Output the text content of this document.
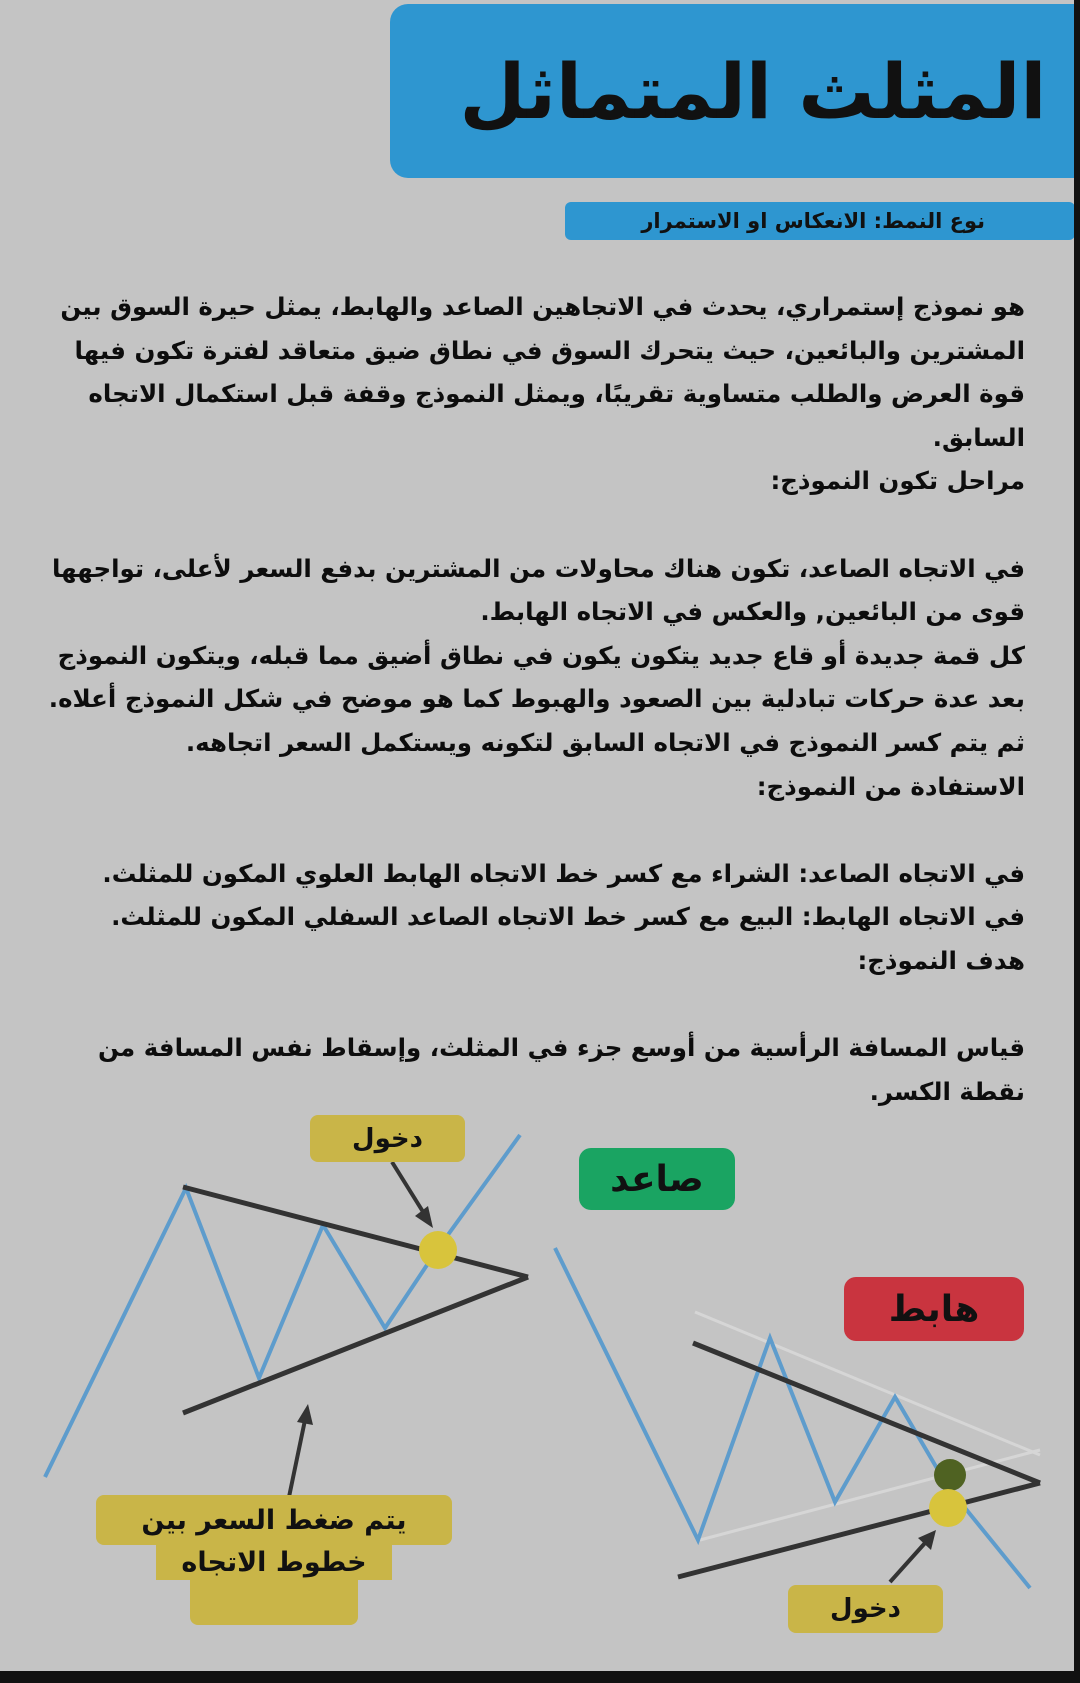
المثلث المتماثل
نوع النمط: الانعكاس او الاستمرار

هو نموذج إستمراري، يحدث في الاتجاهين الصاعد والهابط، يمثل حيرة السوق بين المشترين والبائعين، حيث يتحرك السوق في نطاق ضيق متعاقد لفترة تكون فيها قوة العرض والطلب متساوية تقريبًا، ويمثل النموذج وقفة قبل استكمال الاتجاه السابق.

مراحل تكون النموذج:

في الاتجاه الصاعد، تكون هناك محاولات من المشترين بدفع السعر لأعلى، تواجهها قوى من البائعين, والعكس في الاتجاه الهابط.

كل قمة جديدة أو قاع جديد يتكون يكون في نطاق أضيق مما قبله، ويتكون النموذج بعد عدة حركات تبادلية بين الصعود والهبوط كما هو موضح في شكل النموذج أعلاه.

ثم يتم كسر النموذج في الاتجاه السابق لتكونه ويستكمل السعر اتجاهه.

الاستفادة من النموذج:

في الاتجاه الصاعد: الشراء مع كسر خط الاتجاه الهابط العلوي المكون للمثلث.

في الاتجاه الهابط: البيع مع كسر خط الاتجاه الصاعد السفلي المكون للمثلث.

هدف النموذج:

قياس المسافة الرأسية من أوسع جزء في المثلث، وإسقاط نفس المسافة من نقطة الكسر.

دخول
صاعد
هابط
دخول
يتم ضغط السعر بين خطوط الاتجاه
